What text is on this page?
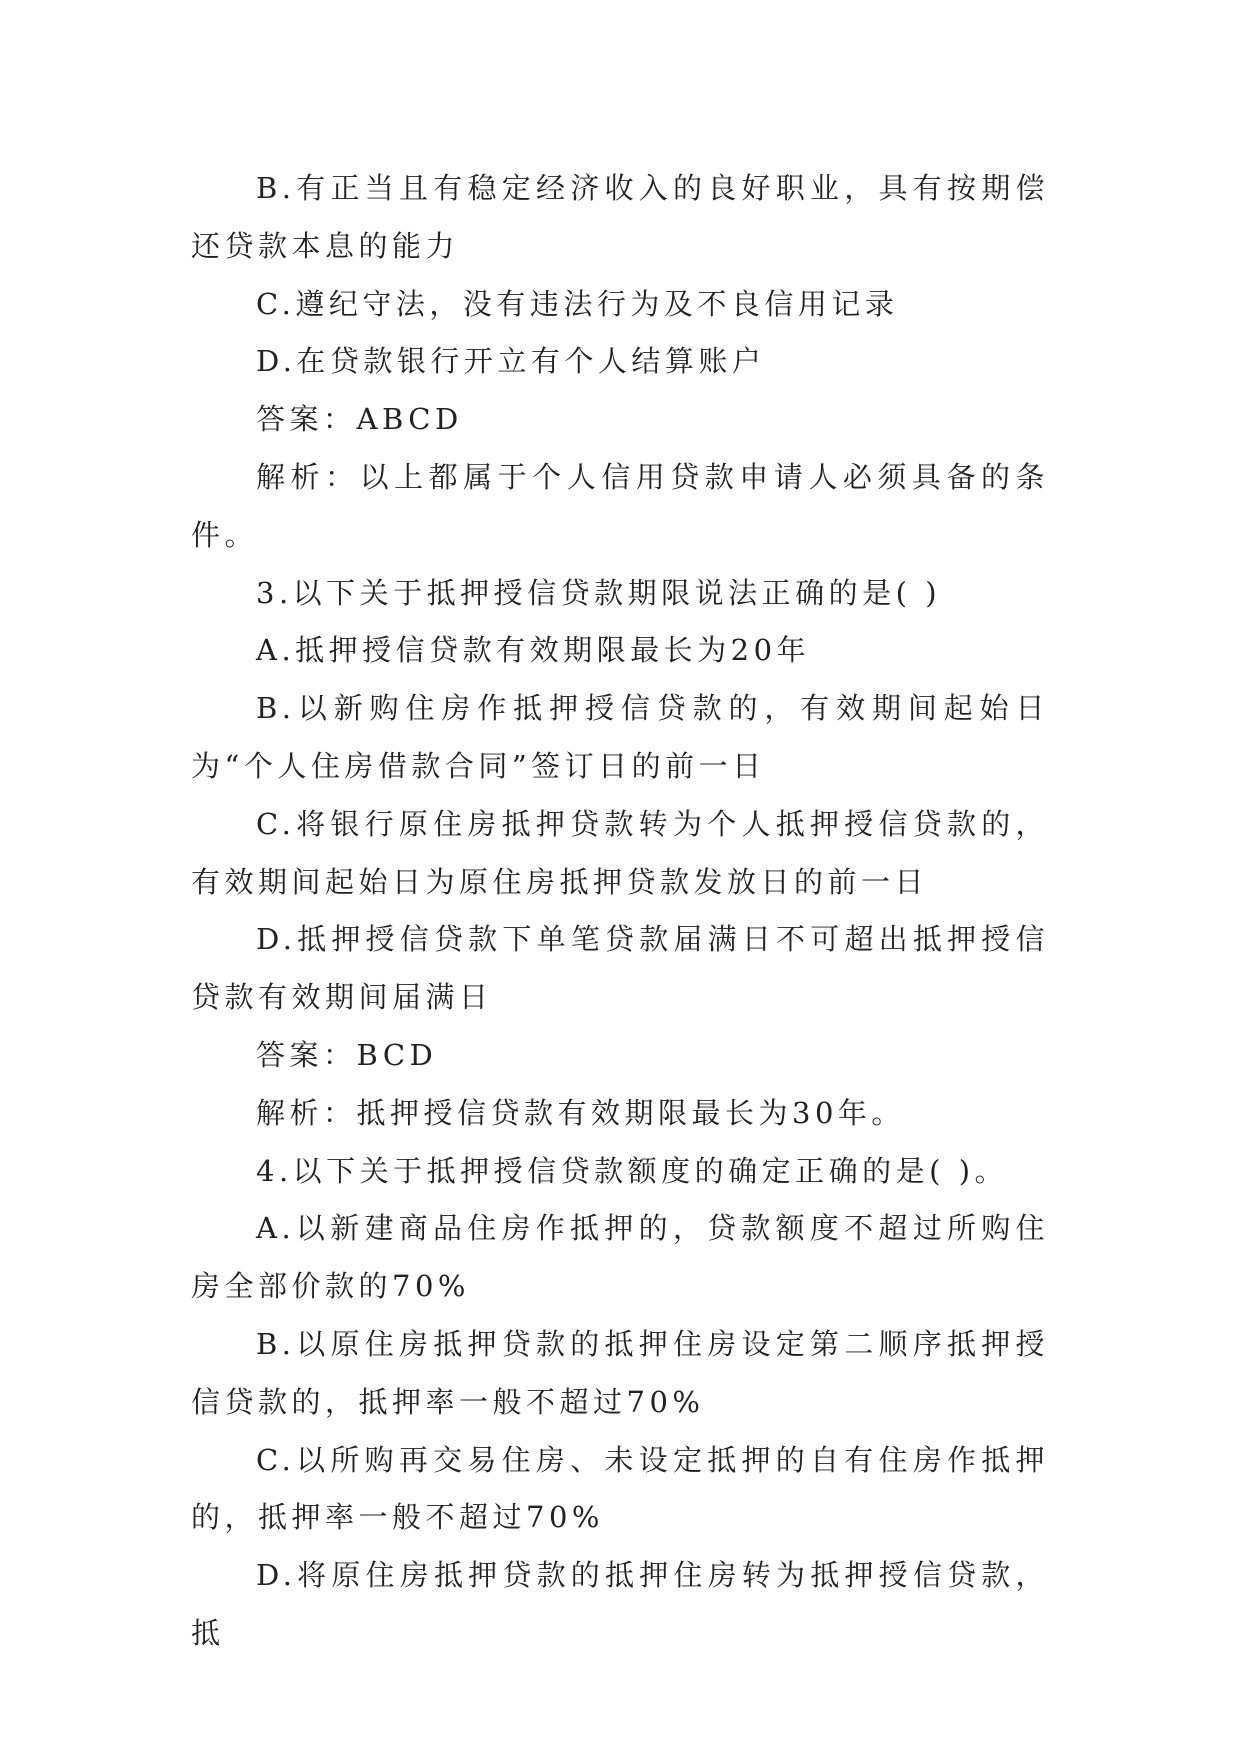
B.有正当且有稳定经济收入的良好职业，具有按期偿还贷款本息的能力

C.遵纪守法，没有违法行为及不良信用记录

D.在贷款银行开立有个人结算账户

答案：ABCD

解析：以上都属于个人信用贷款申请人必须具备的条件。

3.以下关于抵押授信贷款期限说法正确的是( )

A.抵押授信贷款有效期限最长为20年

B.以新购住房作抵押授信贷款的，有效期间起始日为“个人住房借款合同”签订日的前一日

C.将银行原住房抵押贷款转为个人抵押授信贷款的，有效期间起始日为原住房抵押贷款发放日的前一日

D.抵押授信贷款下单笔贷款届满日不可超出抵押授信贷款有效期间届满日

答案：BCD

解析：抵押授信贷款有效期限最长为30年。

4.以下关于抵押授信贷款额度的确定正确的是( )。

A.以新建商品住房作抵押的，贷款额度不超过所购住房全部价款的70%

B.以原住房抵押贷款的抵押住房设定第二顺序抵押授信贷款的，抵押率一般不超过70%

C.以所购再交易住房、未设定抵押的自有住房作抵押的，抵押率一般不超过70%

D.将原住房抵押贷款的抵押住房转为抵押授信贷款，抵
